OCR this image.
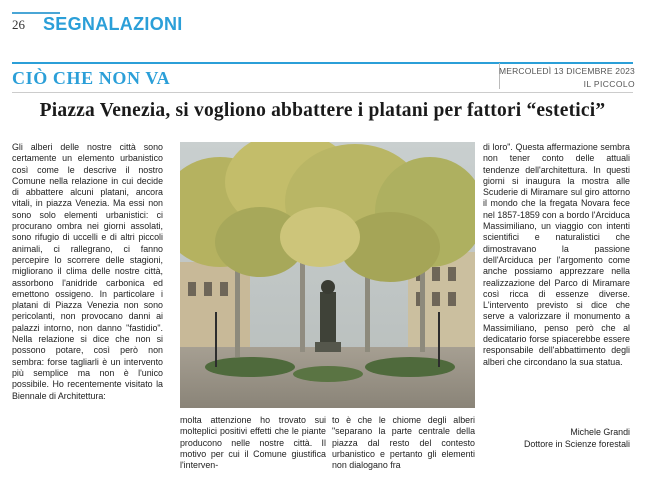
26 SEGNALAZIONI
CIÒ CHE NON VA	MERCOLEDÌ 13 DICEMBRE 2023
IL PICCOLO
Piazza Venezia, si vogliono abbattere i platani per fattori “estetici”
Gli alberi delle nostre città sono certamente un elemento urbanistico così come le descrive il nostro Comune nella relazione in cui decide di abbattere alcuni platani, ancora vitali, in piazza Venezia. Ma essi non sono solo elementi urbanistici: ci procurano ombra nei giorni assolati, sono rifugio di uccelli e di altri piccoli animali, ci rallegrano, ci fanno percepire lo scorrere delle stagioni, migliorano il clima delle nostre città, assorbono l'anidride carbonica ed emettono ossigeno. In particolare i platani di Piazza Venezia non sono pericolanti, non provocano danni ai palazzi intorno, non danno "fastidio". Nella relazione si dice che non si possono potare, così però non sembra: forse tagliarli è un intervento più semplice ma non è l'unico possibile. Ho recentemente visitato la Biennale di Architettura:
molta attenzione ho trovato sui molteplici positivi effetti che le piante producono nelle nostre città. Il motivo per cui il Comune giustifica l'interven-
to è che le chiome degli alberi "separano la parte centrale della piazza dal resto del contesto urbanistico e pertanto gli elementi non dialogano fra
di loro". Questa affermazione sembra non tener conto delle attuali tendenze dell'architettura. In questi giorni si inaugura la mostra alle Scuderie di Miramare sul giro attorno il mondo che la fregata Novara fece nel 1857-1859 con a bordo l'Arciduca Massimiliano, un viaggio con intenti scientifici e naturalistici che dimostravano la passione dell'Arciduca per l'argomento come anche possiamo apprezzare nella realizzazione del Parco di Miramare così ricca di essenze diverse. L'intervento previsto si dice che serve a valorizzare il monumento a Massimiliano, penso però che al dedicatario forse spiacerebbe essere responsabile dell'abbattimento degli alberi che circondano la sua statua.
Michele Grandi
Dottore in Scienze forestali
